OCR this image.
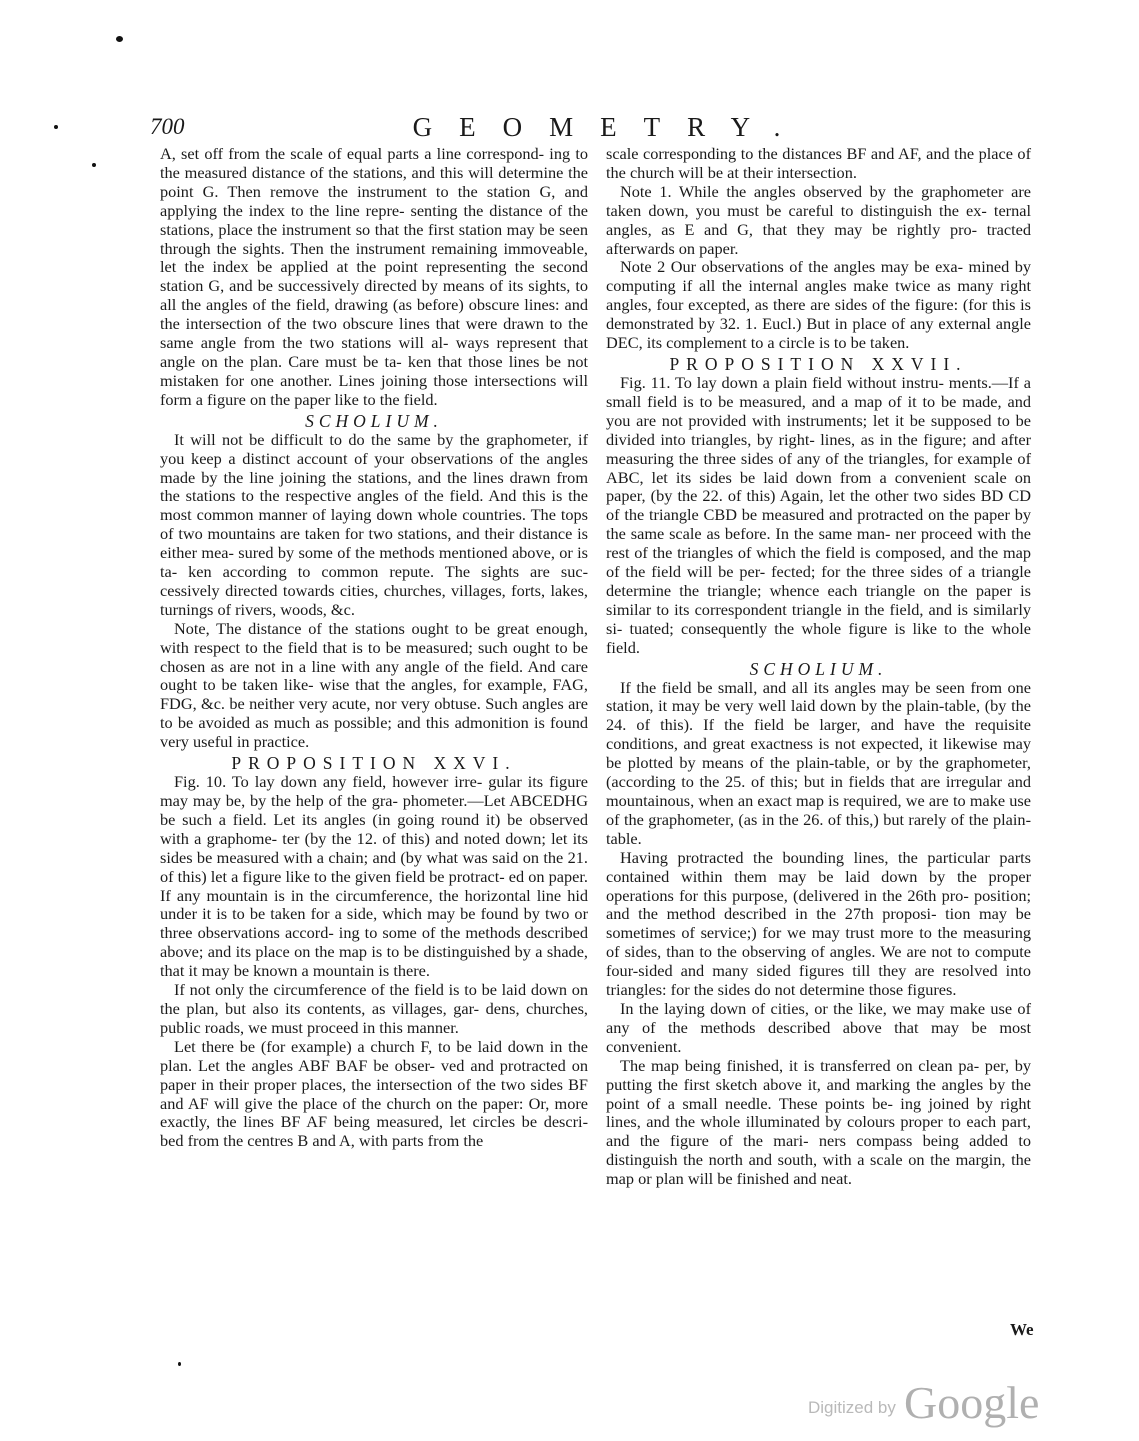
700	GEOMETRY.

A, set off from the scale of equal parts a line correspond- ing to the measured distance of the stations, and this will determine the point G. Then remove the instrument to the station G, and applying the index to the line repre- senting the distance of the stations, place the instrument so that the first station may be seen through the sights. Then the instrument remaining immoveable, let the index be applied at the point representing the second station G, and be successively directed by means of its sights, to all the angles of the field, drawing (as before) obscure lines: and the intersection of the two obscure lines that were drawn to the same angle from the two stations will al- ways represent that angle on the plan. Care must be ta- ken that those lines be not mistaken for one another. Lines joining those intersections will form a figure on the paper like to the field.

SCHOLIUM.

It will not be difficult to do the same by the graphometer, if you keep a distinct account of your observations of the angles made by the line joining the stations, and the lines drawn from the stations to the respective angles of the field. And this is the most common manner of laying down whole countries. The tops of two mountains are taken for two stations, and their distance is either mea- sured by some of the methods mentioned above, or is ta- ken according to common repute. The sights are suc- cessively directed towards cities, churches, villages, forts, lakes, turnings of rivers, woods, &c.

Note, The distance of the stations ought to be great enough, with respect to the field that is to be measured; such ought to be chosen as are not in a line with any angle of the field. And care ought to be taken like- wise that the angles, for example, FAG, FDG, &c. be neither very acute, nor very obtuse. Such angles are to be avoided as much as possible; and this admonition is found very useful in practice.

PROPOSITION XXVI.

Fig. 10. To lay down any field, however irre- gular its figure may may be, by the help of the gra- phometer.—Let ABCEDHG be such a field. Let its angles (in going round it) be observed with a graphome- ter (by the 12. of this) and noted down; let its sides be measured with a chain; and (by what was said on the 21. of this) let a figure like to the given field be protract- ed on paper. If any mountain is in the circumference, the horizontal line hid under it is to be taken for a side, which may be found by two or three observations accord- ing to some of the methods described above; and its place on the map is to be distinguished by a shade, that it may be known a mountain is there.

If not only the circumference of the field is to be laid down on the plan, but also its contents, as villages, gar- dens, churches, public roads, we must proceed in this manner.

Let there be (for example) a church F, to be laid down in the plan. Let the angles ABF BAF be obser- ved and protracted on paper in their proper places, the intersection of the two sides BF and AF will give the place of the church on the paper: Or, more exactly, the lines BF AF being measured, let circles be descri- bed from the centres B and A, with parts from the

scale corresponding to the distances BF and AF, and the place of the church will be at their intersection.

Note 1. While the angles observed by the graphometer are taken down, you must be careful to distinguish the ex- ternal angles, as E and G, that they may be rightly pro- tracted afterwards on paper.

Note 2 Our observations of the angles may be exa- mined by computing if all the internal angles make twice as many right angles, four excepted, as there are sides of the figure: (for this is demonstrated by 32. 1. Eucl.) But in place of any external angle DEC, its complement to a circle is to be taken.

PROPOSITION XXVII.

Fig. 11. To lay down a plain field without instru- ments.—If a small field is to be measured, and a map of it to be made, and you are not provided with instruments; let it be supposed to be divided into triangles, by right- lines, as in the figure; and after measuring the three sides of any of the triangles, for example of ABC, let its sides be laid down from a convenient scale on paper, (by the 22. of this) Again, let the other two sides BD CD of the triangle CBD be measured and protracted on the paper by the same scale as before. In the same man- ner proceed with the rest of the triangles of which the field is composed, and the map of the field will be per- fected; for the three sides of a triangle determine the triangle; whence each triangle on the paper is similar to its correspondent triangle in the field, and is similarly si- tuated; consequently the whole figure is like to the whole field.

SCHOLIUM.

If the field be small, and all its angles may be seen from one station, it may be very well laid down by the plain-table, (by the 24. of this). If the field be larger, and have the requisite conditions, and great exactness is not expected, it likewise may be plotted by means of the plain-table, or by the graphometer, (according to the 25. of this; but in fields that are irregular and mountainous, when an exact map is required, we are to make use of the graphometer, (as in the 26. of this,) but rarely of the plain-table.

Having protracted the bounding lines, the particular parts contained within them may be laid down by the proper operations for this purpose, (delivered in the 26th pro- position; and the method described in the 27th proposi- tion may be sometimes of service;) for we may trust more to the measuring of sides, than to the observing of angles. We are not to compute four-sided and many sided figures till they are resolved into triangles: for the sides do not determine those figures.

In the laying down of cities, or the like, we may make use of any of the methods described above that may be most convenient.

The map being finished, it is transferred on clean pa- per, by putting the first sketch above it, and marking the angles by the point of a small needle. These points be- ing joined by right lines, and the whole illuminated by colours proper to each part, and the figure of the mari- ners compass being added to distinguish the north and south, with a scale on the margin, the map or plan will be finished and neat.

We
Digitized by Google
